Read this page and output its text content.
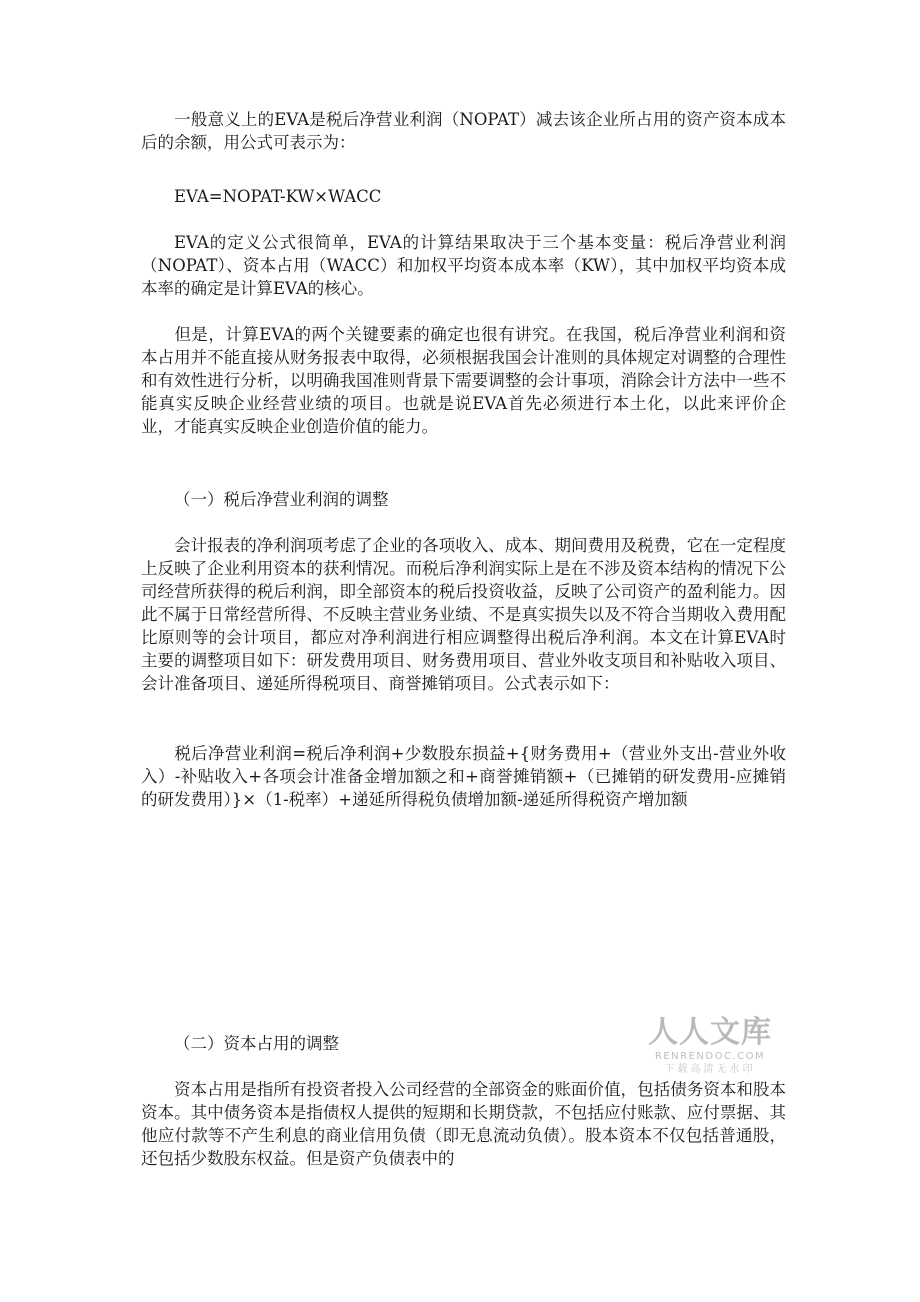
一般意义上的EVA是税后净营业利润（NOPAT）减去该企业所占用的资产资本成本后的余额，用公式可表示为：

EVA=NOPAT-KW×WACC

EVA的定义公式很简单，EVA的计算结果取决于三个基本变量：税后净营业利润（NOPAT）、资本占用（WACC）和加权平均资本成本率（KW），其中加权平均资本成本率的确定是计算EVA的核心。

但是，计算EVA的两个关键要素的确定也很有讲究。在我国，税后净营业利润和资本占用并不能直接从财务报表中取得，必须根据我国会计准则的具体规定对调整的合理性和有效性进行分析，以明确我国准则背景下需要调整的会计事项，消除会计方法中一些不能真实反映企业经营业绩的项目。也就是说EVA首先必须进行本土化，以此来评价企业，才能真实反映企业创造价值的能力。

（一）税后净营业利润的调整

会计报表的净利润项考虑了企业的各项收入、成本、期间费用及税费，它在一定程度上反映了企业利用资本的获利情况。而税后净利润实际上是在不涉及资本结构的情况下公司经营所获得的税后利润，即全部资本的税后投资收益，反映了公司资产的盈利能力。因此不属于日常经营所得、不反映主营业务业绩、不是真实损失以及不符合当期收入费用配比原则等的会计项目，都应对净利润进行相应调整得出税后净利润。本文在计算EVA时主要的调整项目如下：研发费用项目、财务费用项目、营业外收支项目和补贴收入项目、会计准备项目、递延所得税项目、商誉摊销项目。公式表示如下：

税后净营业利润=税后净利润+少数股东损益+{财务费用+（营业外支出-营业外收入）-补贴收入+各项会计准备金增加额之和+商誉摊销额+（已摊销的研发费用-应摊销的研发费用）}×（1-税率）+递延所得税负债增加额-递延所得税资产增加额

（二）资本占用的调整

资本占用是指所有投资者投入公司经营的全部资金的账面价值，包括债务资本和股本资本。其中债务资本是指债权人提供的短期和长期贷款，不包括应付账款、应付票据、其他应付款等不产生利息的商业信用负债（即无息流动负债）。股本资本不仅包括普通股，还包括少数股东权益。但是资产负债表中的

人人文库
RENRENDOC.COM
下载高清无水印
